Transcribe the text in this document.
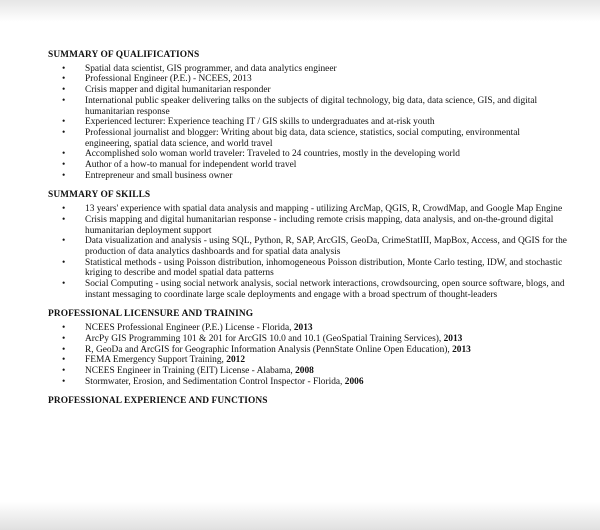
SUMMARY OF QUALIFICATIONS
• Spatial data scientist, GIS programmer, and data analytics engineer
• Professional Engineer (P.E.) - NCEES, 2013
• Crisis mapper and digital humanitarian responder
• International public speaker delivering talks on the subjects of digital technology, big data, data science, GIS, and digital humanitarian response
• Experienced lecturer: Experience teaching IT / GIS skills to undergraduates and at-risk youth
• Professional journalist and blogger: Writing about big data, data science, statistics, social computing, environmental engineering, spatial data science, and world travel
• Accomplished solo woman world traveler: Traveled to 24 countries, mostly in the developing world
• Author of a how-to manual for independent world travel
• Entrepreneur and small business owner
SUMMARY OF SKILLS
• 13 years' experience with spatial data analysis and mapping - utilizing ArcMap, QGIS, R, CrowdMap, and Google Map Engine
• Crisis mapping and digital humanitarian response - including remote crisis mapping, data analysis, and on-the-ground digital humanitarian deployment support
• Data visualization and analysis - using SQL, Python, R, SAP, ArcGIS, GeoDa, CrimeStatIII, MapBox, Access, and QGIS for the production of data analytics dashboards and for spatial data analysis
• Statistical methods - using Poisson distribution, inhomogeneous Poisson distribution, Monte Carlo testing, IDW, and stochastic kriging to describe and model spatial data patterns
• Social Computing - using social network analysis, social network interactions, crowdsourcing, open source software, blogs, and instant messaging to coordinate large scale deployments and engage with a broad spectrum of thought-leaders
PROFESSIONAL LICENSURE AND TRAINING
• NCEES Professional Engineer (P.E.) License - Florida, 2013
• ArcPy GIS Programming 101 & 201 for ArcGIS 10.0 and 10.1 (GeoSpatial Training Services), 2013
• R, GeoDa and ArcGIS for Geographic Information Analysis (PennState Online Open Education), 2013
• FEMA Emergency Support Training, 2012
• NCEES Engineer in Training (EIT) License - Alabama, 2008
• Stormwater, Erosion, and Sedimentation Control Inspector - Florida, 2006
PROFESSIONAL EXPERIENCE AND FUNCTIONS
